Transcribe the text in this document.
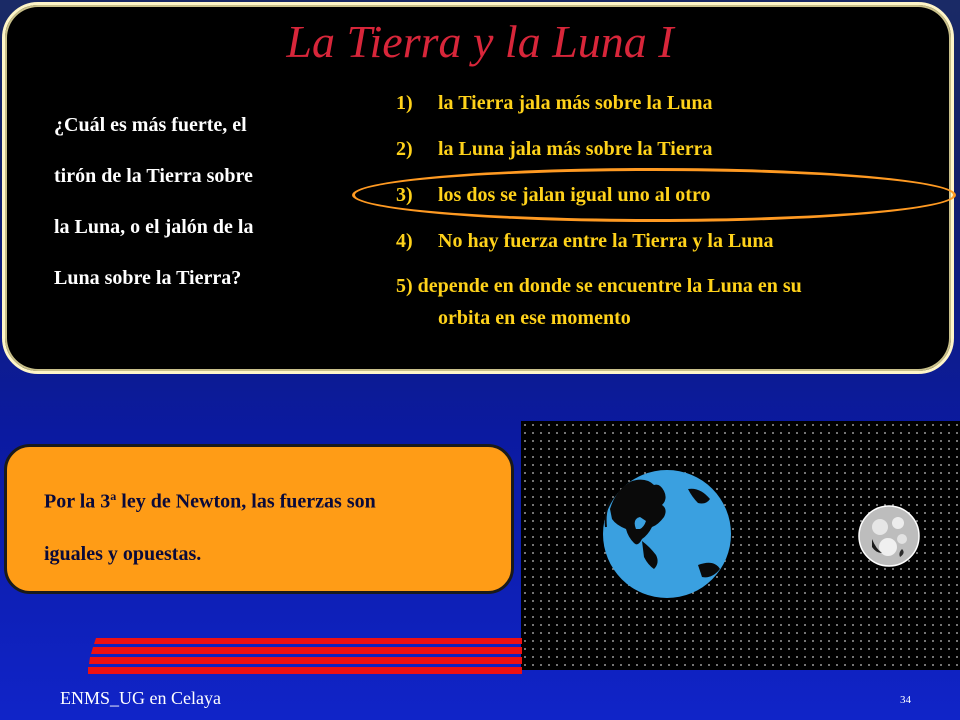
La Tierra y la Luna I
¿Cuál es más fuerte, el
tirón de la Tierra sobre
la Luna, o el jalón de la
Luna sobre la Tierra?
1) la Tierra jala más sobre la Luna
2) la Luna jala más sobre la Tierra
3) los dos se jalan igual uno al otro
4) No hay fuerza entre la Tierra y la Luna
5) depende en donde se encuentre la Luna en su
orbita en ese momento
Por la 3$^a$ ley de Newton, las fuerzas son
iguales y opuestas.
ENMS_UG en Celaya	34
